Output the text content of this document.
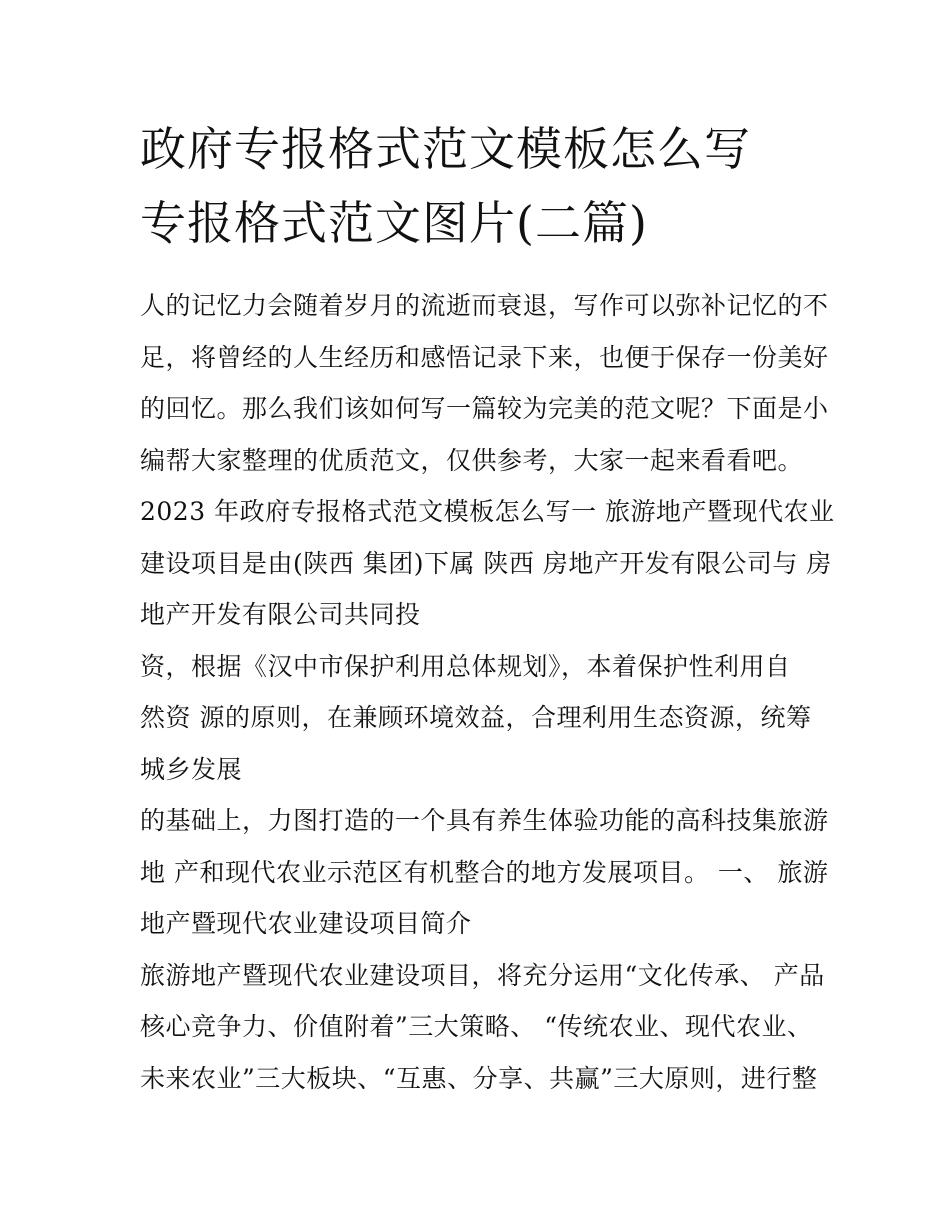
政府专报格式范文模板怎么写
专报格式范文图片(二篇)
人的记忆力会随着岁月的流逝而衰退，写作可以弥补记忆的不
足，将曾经的人生经历和感悟记录下来，也便于保存一份美好
的回忆。那么我们该如何写一篇较为完美的范文呢？下面是小
编帮大家整理的优质范文，仅供参考，大家一起来看看吧。
2023 年政府专报格式范文模板怎么写一 旅游地产暨现代农业
建设项目是由(陕西 集团)下属 陕西 房地产开发有限公司与 房
地产开发有限公司共同投
资，根据《汉中市保护利用总体规划》，本着保护性利用自
然资 源的原则，在兼顾环境效益，合理利用生态资源，统筹
城乡发展
的基础上，力图打造的一个具有养生体验功能的高科技集旅游
地 产和现代农业示范区有机整合的地方发展项目。 一、 旅游
地产暨现代农业建设项目简介
旅游地产暨现代农业建设项目，将充分运用“文化传承、 产品
核心竞争力、价值附着”三大策略、 “传统农业、现代农业、
未来农业”三大板块、“互惠、分享、共赢”三大原则，进行整
